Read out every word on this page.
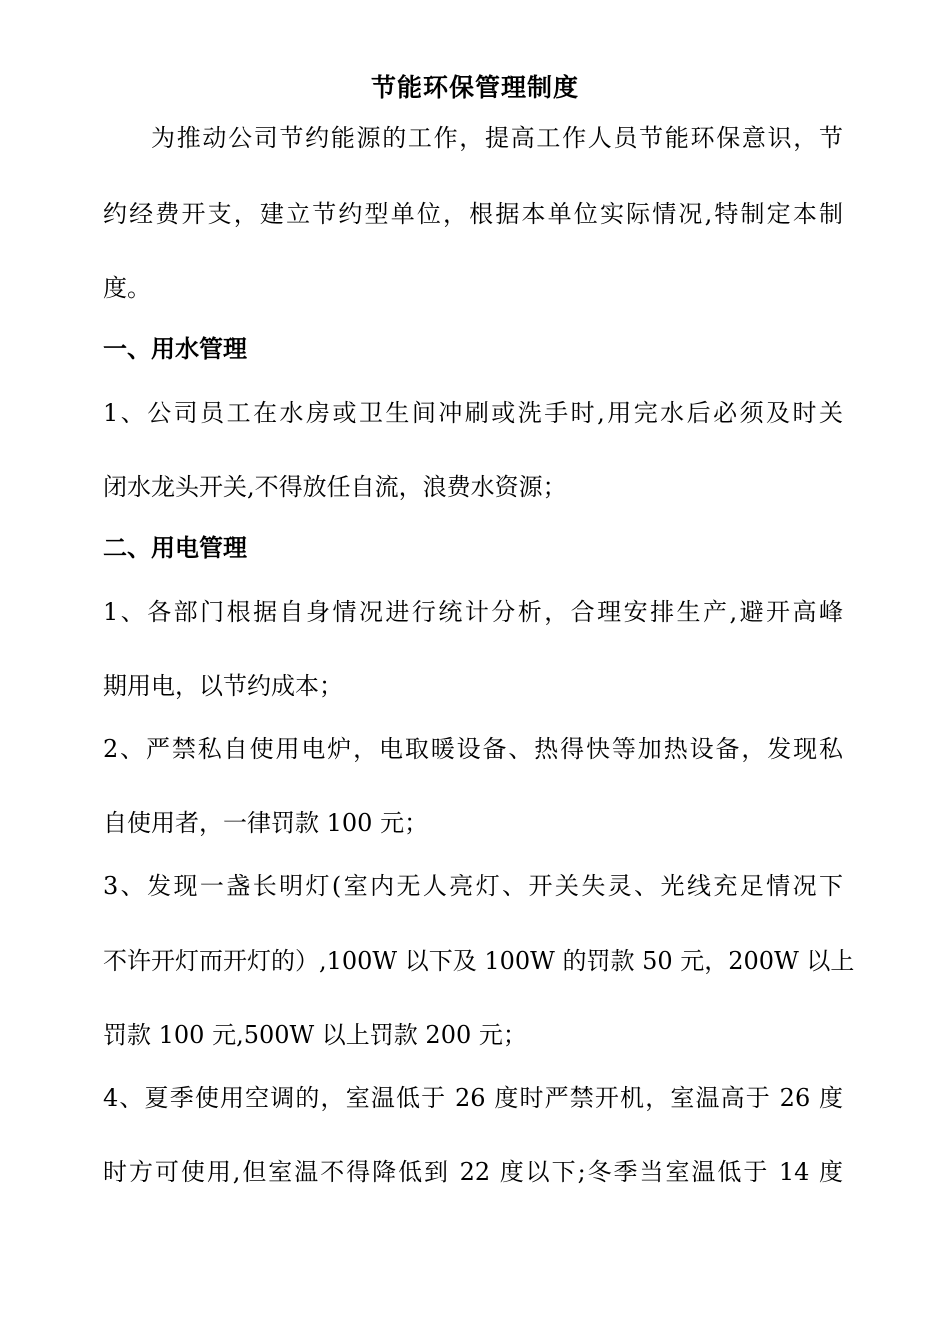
节能环保管理制度
为推动公司节约能源的工作，提高工作人员节能环保意识，节
约经费开支，建立节约型单位，根据本单位实际情况,特制定本制
度。
一、用水管理
1、公司员工在水房或卫生间冲刷或洗手时,用完水后必须及时关
闭水龙头开关,不得放任自流，浪费水资源；
二、用电管理
1、各部门根据自身情况进行统计分析，合理安排生产,避开高峰
期用电，以节约成本；
2、严禁私自使用电炉，电取暖设备、热得快等加热设备，发现私
自使用者，一律罚款 100 元；
3、发现一盏长明灯(室内无人亮灯、开关失灵、光线充足情况下
不许开灯而开灯的）,100W 以下及 100W 的罚款 50 元，200W 以上
罚款 100 元,500W 以上罚款 200 元；
4、夏季使用空调的，室温低于 26 度时严禁开机，室温高于 26 度
时方可使用,但室温不得降低到 22 度以下;冬季当室温低于 14 度
